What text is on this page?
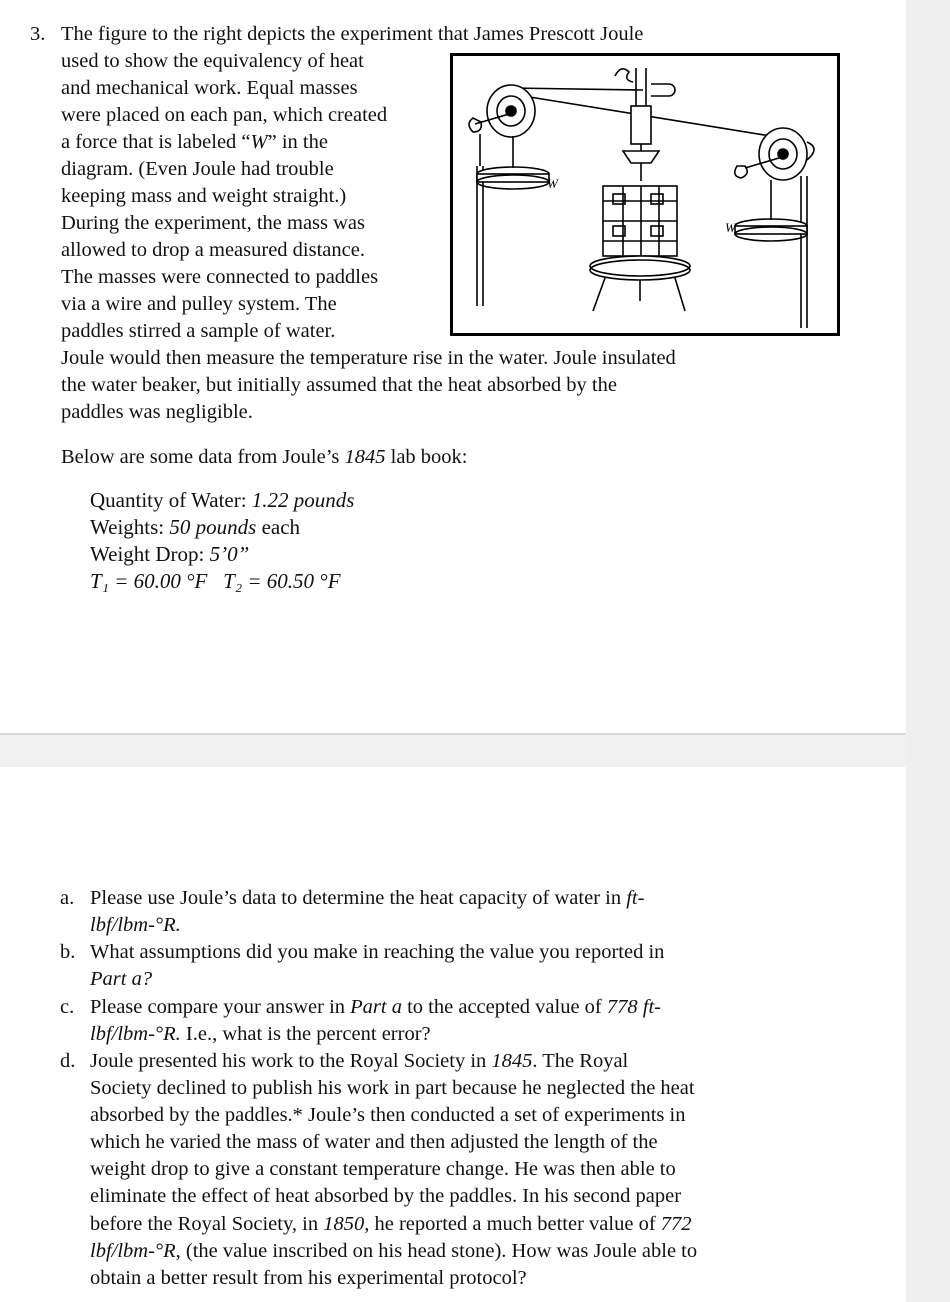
3. The figure to the right depicts the experiment that James Prescott Joule
used to show the equivalency of heat
and mechanical work. Equal masses
were placed on each pan, which created
a force that is labeled “W” in the
diagram. (Even Joule had trouble
keeping mass and weight straight.)
During the experiment, the mass was
allowed to drop a measured distance.
The masses were connected to paddles
via a wire and pulley system. The
paddles stirred a sample of water.
Joule would then measure the temperature rise in the water. Joule insulated
the water beaker, but initially assumed that the heat absorbed by the
paddles was negligible.
W
W
Below are some data from Joule’s 1845 lab book:
Quantity of Water: 1.22 pounds
Weights: 50 pounds each
Weight Drop: 5’0”
T₁ = 60.00 °F T₂ = 60.50 °F
a. Please use Joule’s data to determine the heat capacity of water in ft-
lbf/lbm-°R.
b. What assumptions did you make in reaching the value you reported in
Part a?
c. Please compare your answer in Part a to the accepted value of 778 ft-
lbf/lbm-°R. I.e., what is the percent error?
d. Joule presented his work to the Royal Society in 1845. The Royal
Society declined to publish his work in part because he neglected the heat
absorbed by the paddles.* Joule’s then conducted a set of experiments in
which he varied the mass of water and then adjusted the length of the
weight drop to give a constant temperature change. He was then able to
eliminate the effect of heat absorbed by the paddles. In his second paper
before the Royal Society, in 1850, he reported a much better value of 772
lbf/lbm-°R, (the value inscribed on his head stone). How was Joule able to
obtain a better result from his experimental protocol?
